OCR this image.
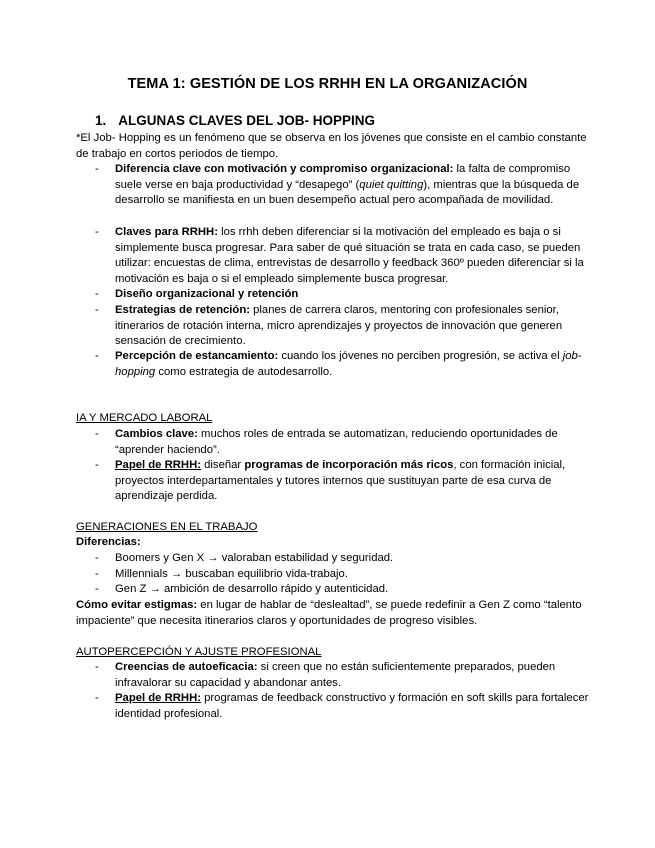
TEMA 1: GESTIÓN DE LOS RRHH EN LA ORGANIZACIÓN
1. ALGUNAS CLAVES DEL JOB- HOPPING
*El Job- Hopping es un fenómeno que se observa en los jóvenes que consiste en el cambio constante de trabajo en cortos periodos de tiempo.
- Diferencia clave con motivación y compromiso organizacional: la falta de compromiso suele verse en baja productividad y “desapego” (quiet quitting), mientras que la búsqueda de desarrollo se manifiesta en un buen desempeño actual pero acompañada de movilidad.
- Claves para RRHH: los rrhh deben diferenciar si la motivación del empleado es baja o si simplemente busca progresar. Para saber de qué situación se trata en cada caso, se pueden utilizar: encuestas de clima, entrevistas de desarrollo y feedback 360º pueden diferenciar si la motivación es baja o si el empleado simplemente busca progresar.
- Diseño organizacional y retención
- Estrategias de retención: planes de carrera claros, mentoring con profesionales senior, itinerarios de rotación interna, micro aprendizajes y proyectos de innovación que generen sensación de crecimiento.
- Percepción de estancamiento: cuando los jóvenes no perciben progresión, se activa el job-hopping como estrategia de autodesarrollo.
IA Y MERCADO LABORAL
- Cambios clave: muchos roles de entrada se automatizan, reduciendo oportunidades de “aprender haciendo”.
- Papel de RRHH: diseñar programas de incorporación más ricos, con formación inicial, proyectos interdepartamentales y tutores internos que sustituyan parte de esa curva de aprendizaje perdida.
GENERACIONES EN EL TRABAJO
Diferencias:
- Boomers y Gen X → valoraban estabilidad y seguridad.
- Millennials → buscaban equilibrio vida-trabajo.
- Gen Z → ambición de desarrollo rápido y autenticidad.
Cómo evitar estigmas: en lugar de hablar de “deslealtad”, se puede redefinir a Gen Z como “talento impaciente” que necesita itinerarios claros y oportunidades de progreso visibles.
AUTOPERCEPCIÓN Y AJUSTE PROFESIONAL
- Creencias de autoeficacia: si creen que no están suficientemente preparados, pueden infravalorar su capacidad y abandonar antes.
- Papel de RRHH: programas de feedback constructivo y formación en soft skills para fortalecer identidad profesional.
